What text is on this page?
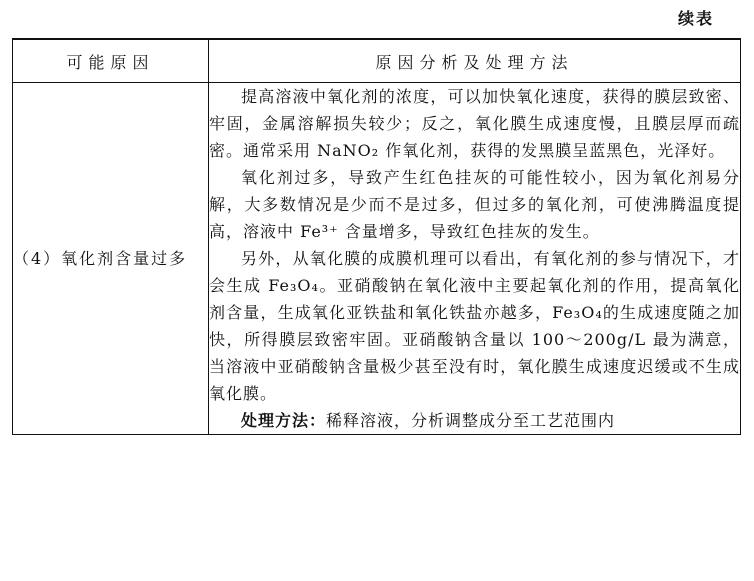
续表
可能原因	原因分析及处理方法
（4）氧化剂含量过多	提高溶液中氧化剂的浓度，可以加快氧化速度，获得的膜层致密、牢固，金属溶解损失较少；反之，氧化膜生成速度慢，且膜层厚而疏密。通常采用 NaNO₂ 作氧化剂，获得的发黑膜呈蓝黑色，光泽好。

氧化剂过多，导致产生红色挂灰的可能性较小，因为氧化剂易分解，大多数情况是少而不是过多，但过多的氧化剂，可使沸腾温度提高，溶液中 Fe³⁺ 含量增多，导致红色挂灰的发生。

另外，从氧化膜的成膜机理可以看出，有氧化剂的参与情况下，才会生成 Fe₃O₄。亚硝酸钠在氧化液中主要起氧化剂的作用，提高氧化剂含量，生成氧化亚铁盐和氧化铁盐亦越多，Fe₃O₄的生成速度随之加快，所得膜层致密牢固。亚硝酸钠含量以 100～200g/L 最为满意，当溶液中亚硝酸钠含量极少甚至没有时，氧化膜生成速度迟缓或不生成氧化膜。

处理方法：稀释溶液，分析调整成分至工艺范围内
